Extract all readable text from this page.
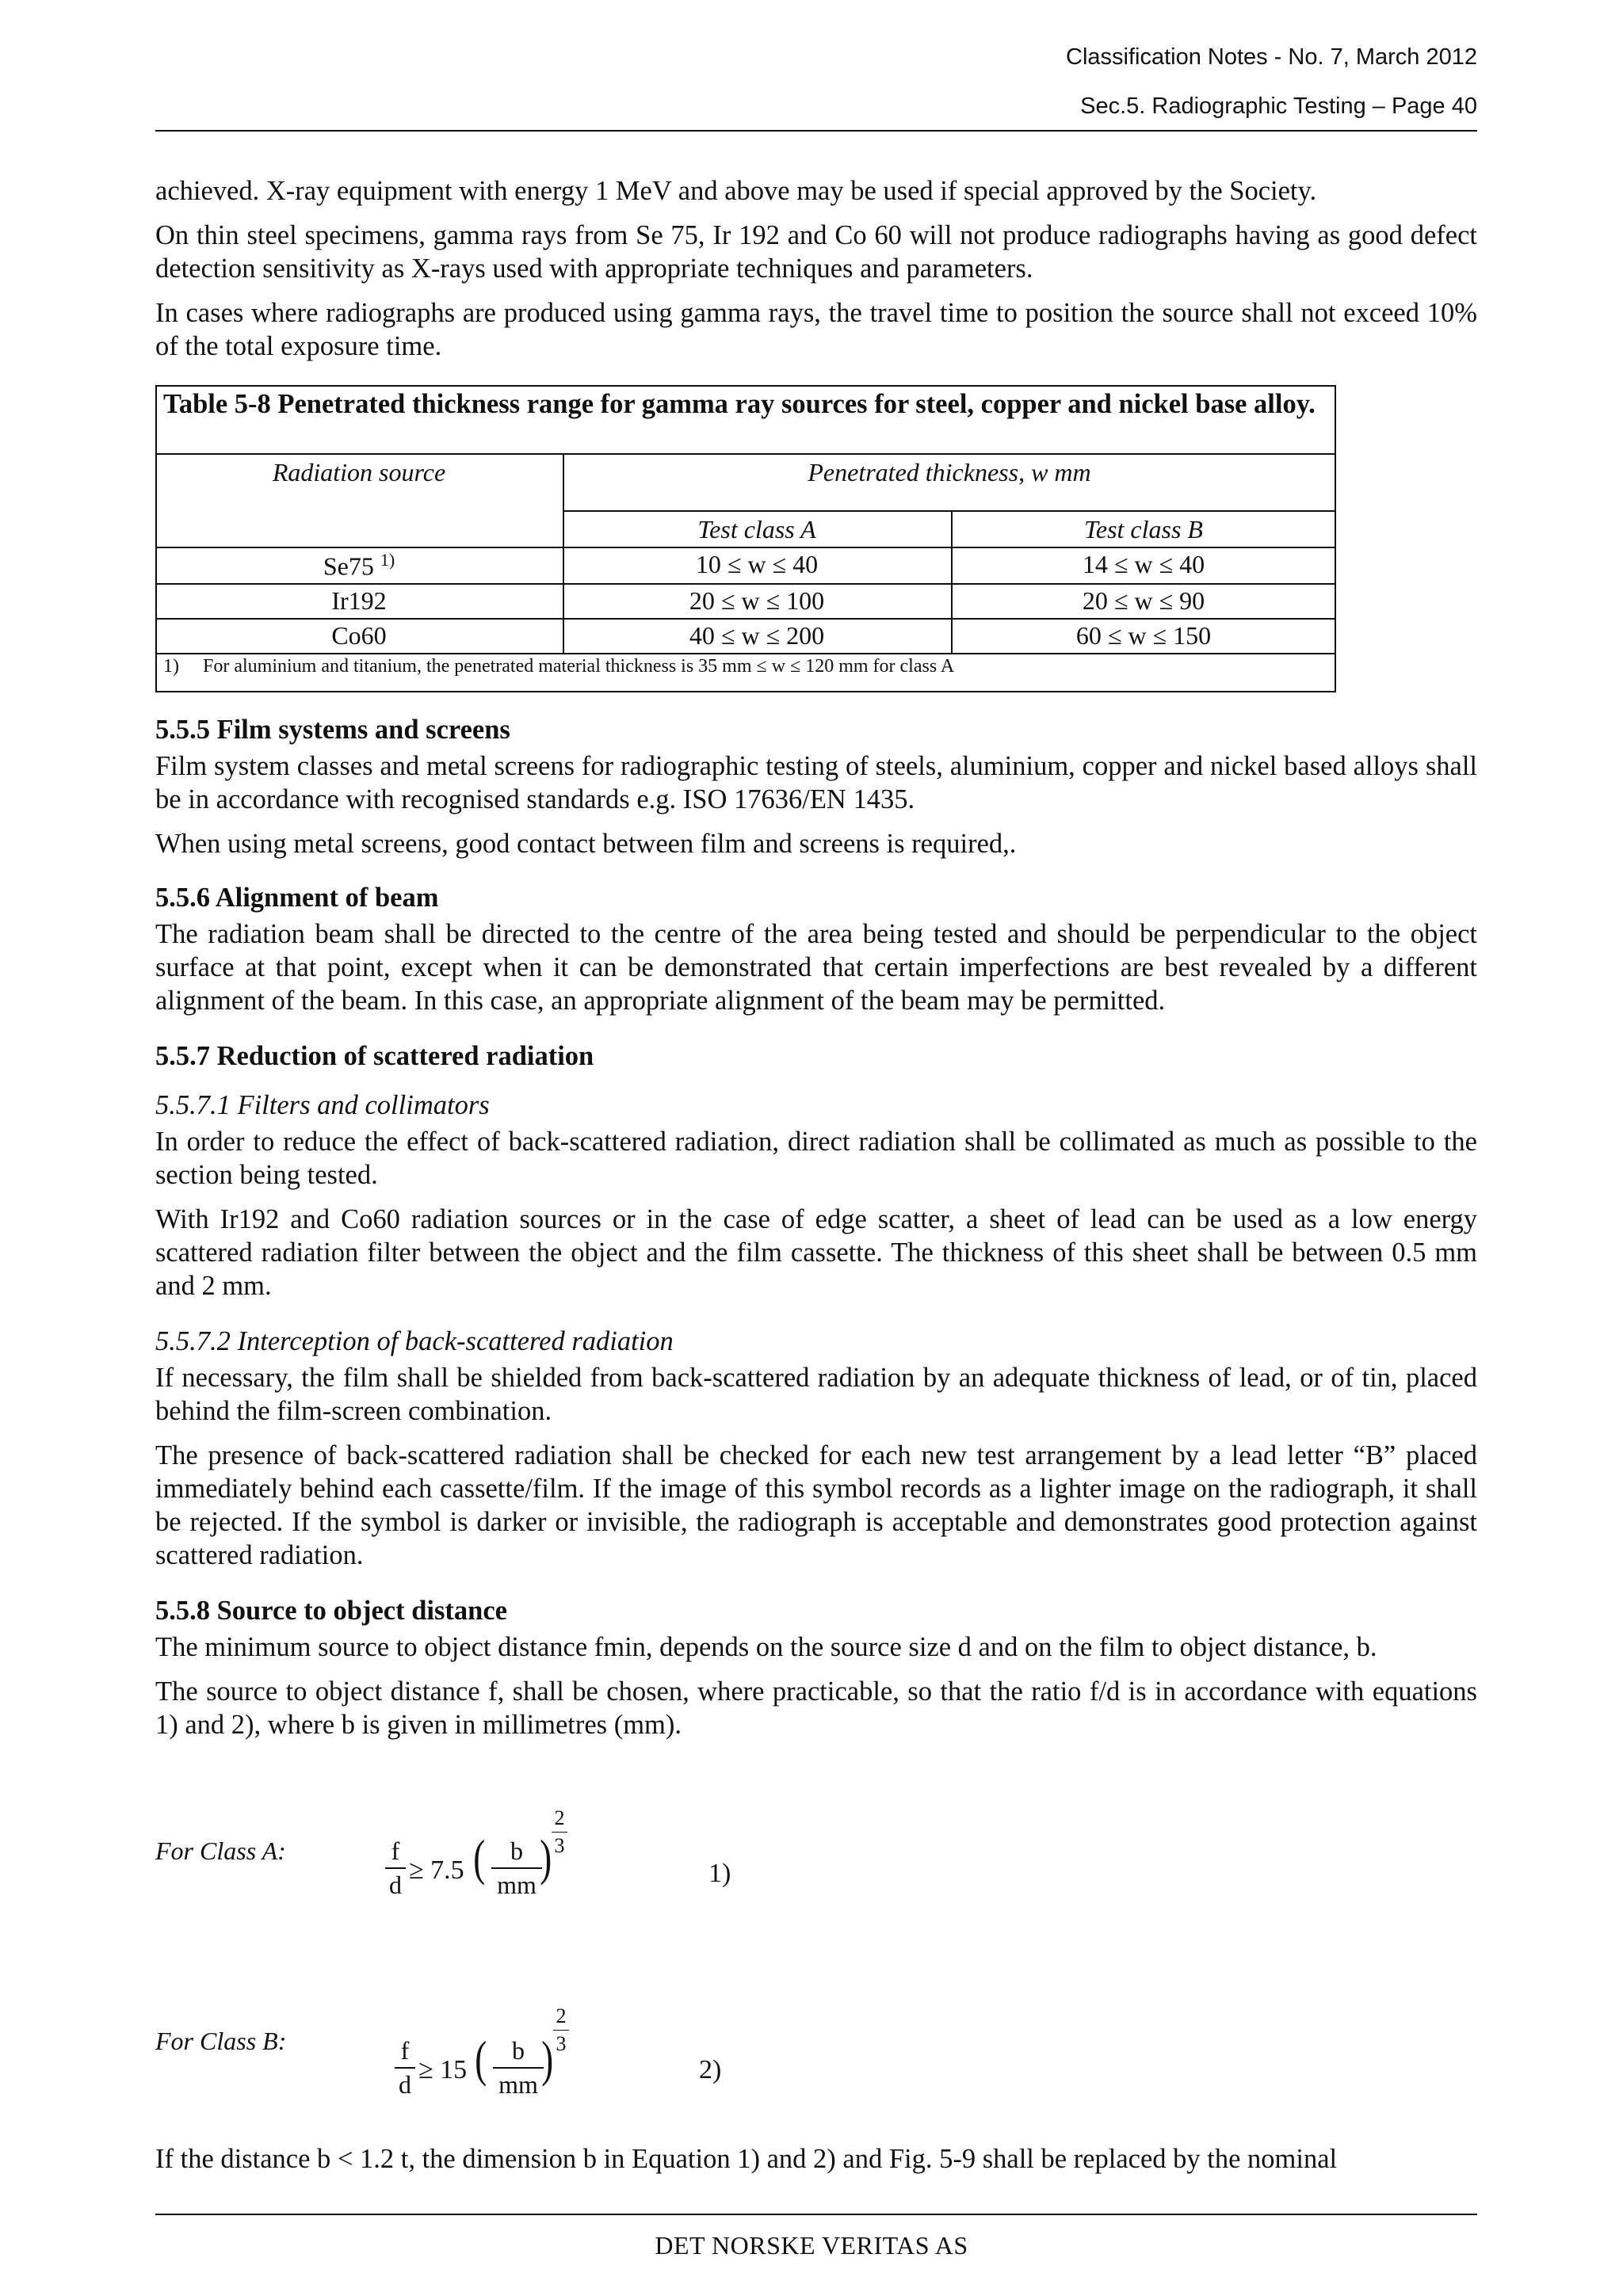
Classification Notes - No. 7, March 2012
Sec.5. Radiographic Testing – Page 40
achieved. X-ray equipment with energy 1 MeV and above may be used if special approved by the Society.
On thin steel specimens, gamma rays from Se 75, Ir 192 and Co 60 will not produce radiographs having as good defect detection sensitivity as X-rays used with appropriate techniques and parameters.
In cases where radiographs are produced using gamma rays, the travel time to position the source shall not exceed 10% of the total exposure time.
Table 5-8 Penetrated thickness range for gamma ray sources for steel, copper and nickel base alloy.
Radiation source	Penetrated thickness, w mm
Test class A	Test class B
Se75 $^{1)}$	10 ≤ w ≤ 40	14 ≤ w ≤ 40
Ir192	20 ≤ w ≤ 100	20 ≤ w ≤ 90
Co60	40 ≤ w ≤ 200	60 ≤ w ≤ 150
1) For aluminium and titanium, the penetrated material thickness is 35 mm ≤ w ≤ 120 mm for class A
5.5.5 Film systems and screens
Film system classes and metal screens for radiographic testing of steels, aluminium, copper and nickel based alloys shall be in accordance with recognised standards e.g. ISO 17636/EN 1435.
When using metal screens, good contact between film and screens is required,.
5.5.6 Alignment of beam
The radiation beam shall be directed to the centre of the area being tested and should be perpendicular to the object surface at that point, except when it can be demonstrated that certain imperfections are best revealed by a different alignment of the beam. In this case, an appropriate alignment of the beam may be permitted.
5.5.7 Reduction of scattered radiation
5.5.7.1 Filters and collimators
In order to reduce the effect of back-scattered radiation, direct radiation shall be collimated as much as possible to the section being tested.
With Ir192 and Co60 radiation sources or in the case of edge scatter, a sheet of lead can be used as a low energy scattered radiation filter between the object and the film cassette. The thickness of this sheet shall be between 0.5 mm and 2 mm.
5.5.7.2 Interception of back-scattered radiation
If necessary, the film shall be shielded from back-scattered radiation by an adequate thickness of lead, or of tin, placed behind the film-screen combination.
The presence of back-scattered radiation shall be checked for each new test arrangement by a lead letter “B” placed immediately behind each cassette/film. If the image of this symbol records as a lighter image on the radiograph, it shall be rejected. If the symbol is darker or invisible, the radiograph is acceptable and demonstrates good protection against scattered radiation.
5.5.8 Source to object distance
The minimum source to object distance fmin, depends on the source size d and on the film to object distance, b.
The source to object distance f, shall be chosen, where practicable, so that the ratio f/d is in accordance with equations 1) and 2), where b is given in millimetres (mm).
For Class A:	f
d ≥ 7.5 ( b
mm )
2
3
1)
For Class B:	f
d ≥ 15 ( b
mm )
2
3
2)
If the distance b < 1.2 t, the dimension b in Equation 1) and 2) and Fig. 5-9 shall be replaced by the nominal
DET NORSKE VERITAS AS
